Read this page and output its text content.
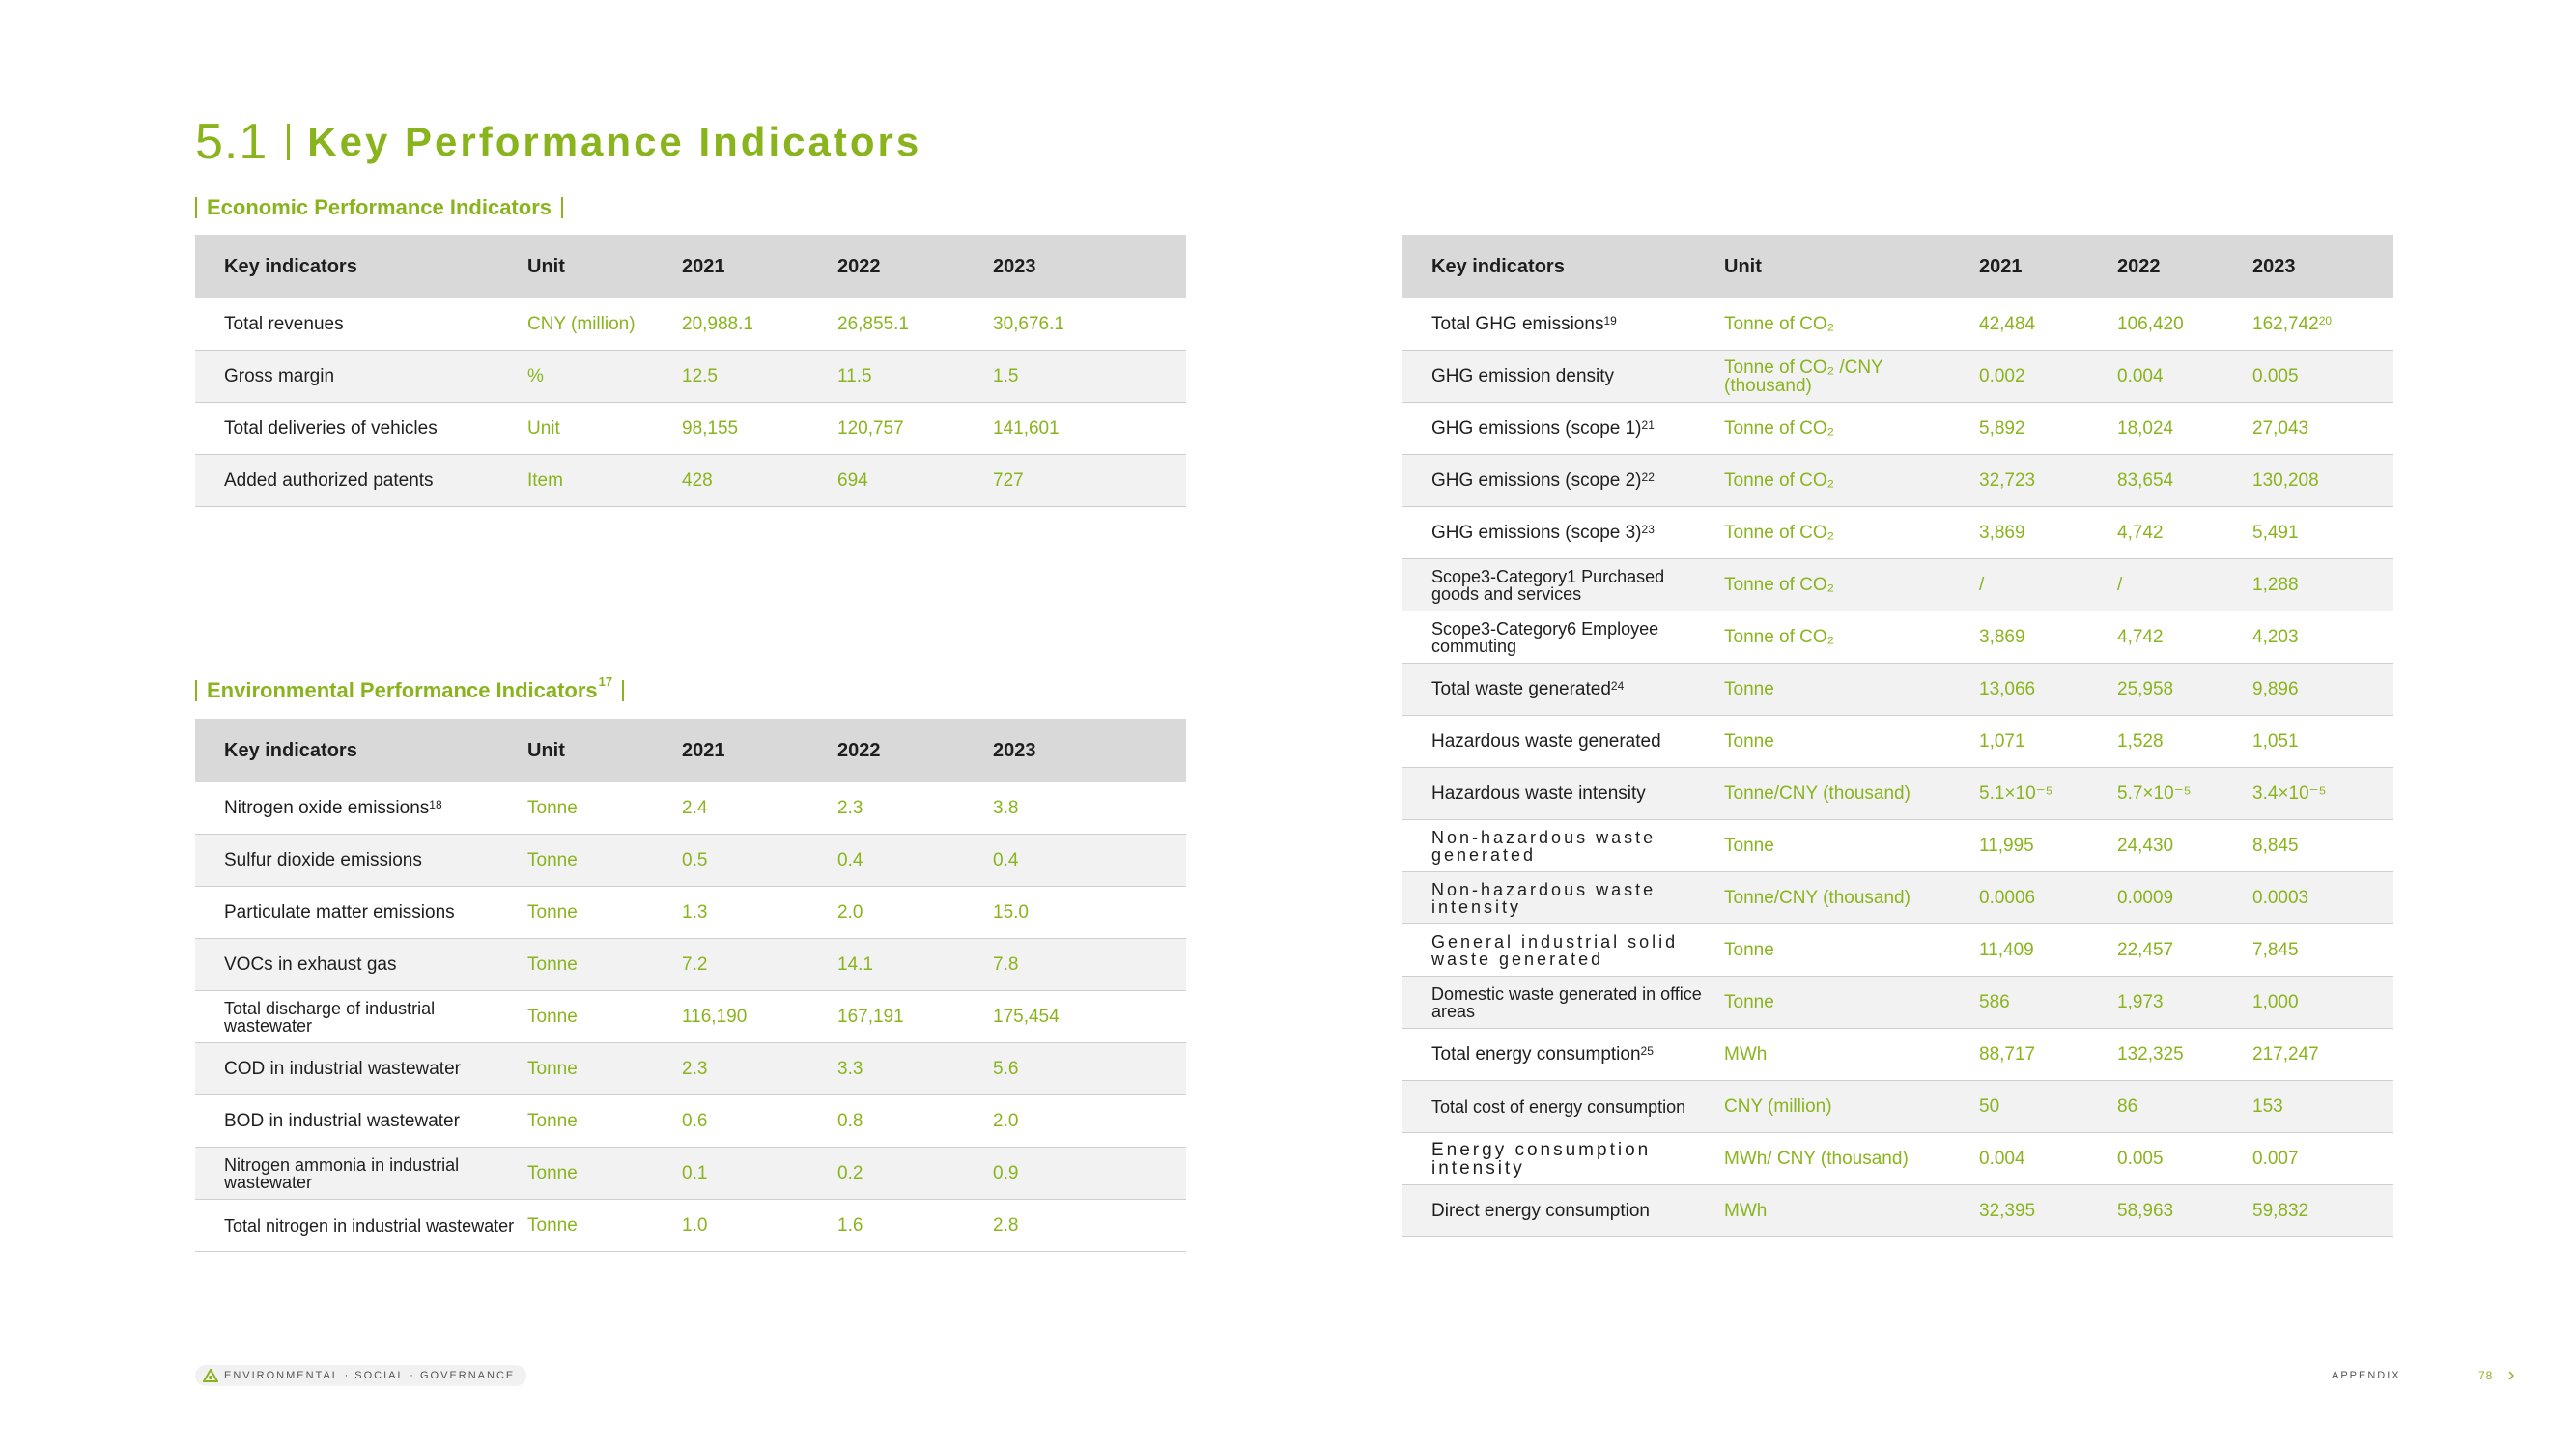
5.1 Key Performance Indicators
Economic Performance Indicators
Key indicators	Unit	2021	2022	2023
Total revenues	CNY (million)	20,988.1	26,855.1	30,676.1
Gross margin	%	12.5	11.5	1.5
Total deliveries of vehicles	Unit	98,155	120,757	141,601
Added authorized patents	Item	428	694	727
Environmental Performance Indicators$^{17}$
Key indicators	Unit	2021	2022	2023
Nitrogen oxide emissions$^{18}$	Tonne	2.4	2.3	3.8
Sulfur dioxide emissions	Tonne	0.5	0.4	0.4
Particulate matter emissions	Tonne	1.3	2.0	15.0
VOCs in exhaust gas	Tonne	7.2	14.1	7.8
Total discharge of industrial wastewater	Tonne	116,190	167,191	175,454
COD in industrial wastewater	Tonne	2.3	3.3	5.6
BOD in industrial wastewater	Tonne	0.6	0.8	2.0
Nitrogen ammonia in industrial wastewater	Tonne	0.1	0.2	0.9
Total nitrogen in industrial wastewater Tonne	1.0	1.6	2.8
Key indicators	Unit	2021	2022	2023
Total GHG emissions$^{19}$	Tonne of CO₂	42,484	106,420	162,742$^{20}$
GHG emission density	Tonne of CO₂ /CNY (thousand)	0.002	0.004	0.005
GHG emissions (scope 1)$^{21}$	Tonne of CO₂	5,892	18,024	27,043
GHG emissions (scope 2)$^{22}$	Tonne of CO₂	32,723	83,654	130,208
GHG emissions (scope 3)$^{23}$	Tonne of CO₂	3,869	4,742	5,491
Scope3-Category1 Purchased goods and services	Tonne of CO₂	/	/	1,288
Scope3-Category6 Employee commuting	Tonne of CO₂	3,869	4,742	4,203
Total waste generated$^{24}$	Tonne	13,066	25,958	9,896
Hazardous waste generated	Tonne	1,071	1,528	1,051
Hazardous waste intensity	Tonne/CNY (thousand)	5.1×10⁻⁵	5.7×10⁻⁵	3.4×10⁻⁵
Non-hazardous waste generated	Tonne	11,995	24,430	8,845
Non-hazardous waste intensity	Tonne/CNY (thousand)	0.0006	0.0009	0.0003
General industrial solid waste generated	Tonne	11,409	22,457	7,845
Domestic waste generated in office areas	Tonne	586	1,973	1,000
Total energy consumption$^{25}$	MWh	88,717	132,325	217,247
Total cost of energy consumption	CNY (million)	50	86	153
Energy consumption intensity	MWh/ CNY (thousand)	0.004	0.005	0.007
Direct energy consumption	MWh	32,395	58,963	59,832
ENVIRONMENTAL · SOCIAL · GOVERNANCE	APPENDIX	78
